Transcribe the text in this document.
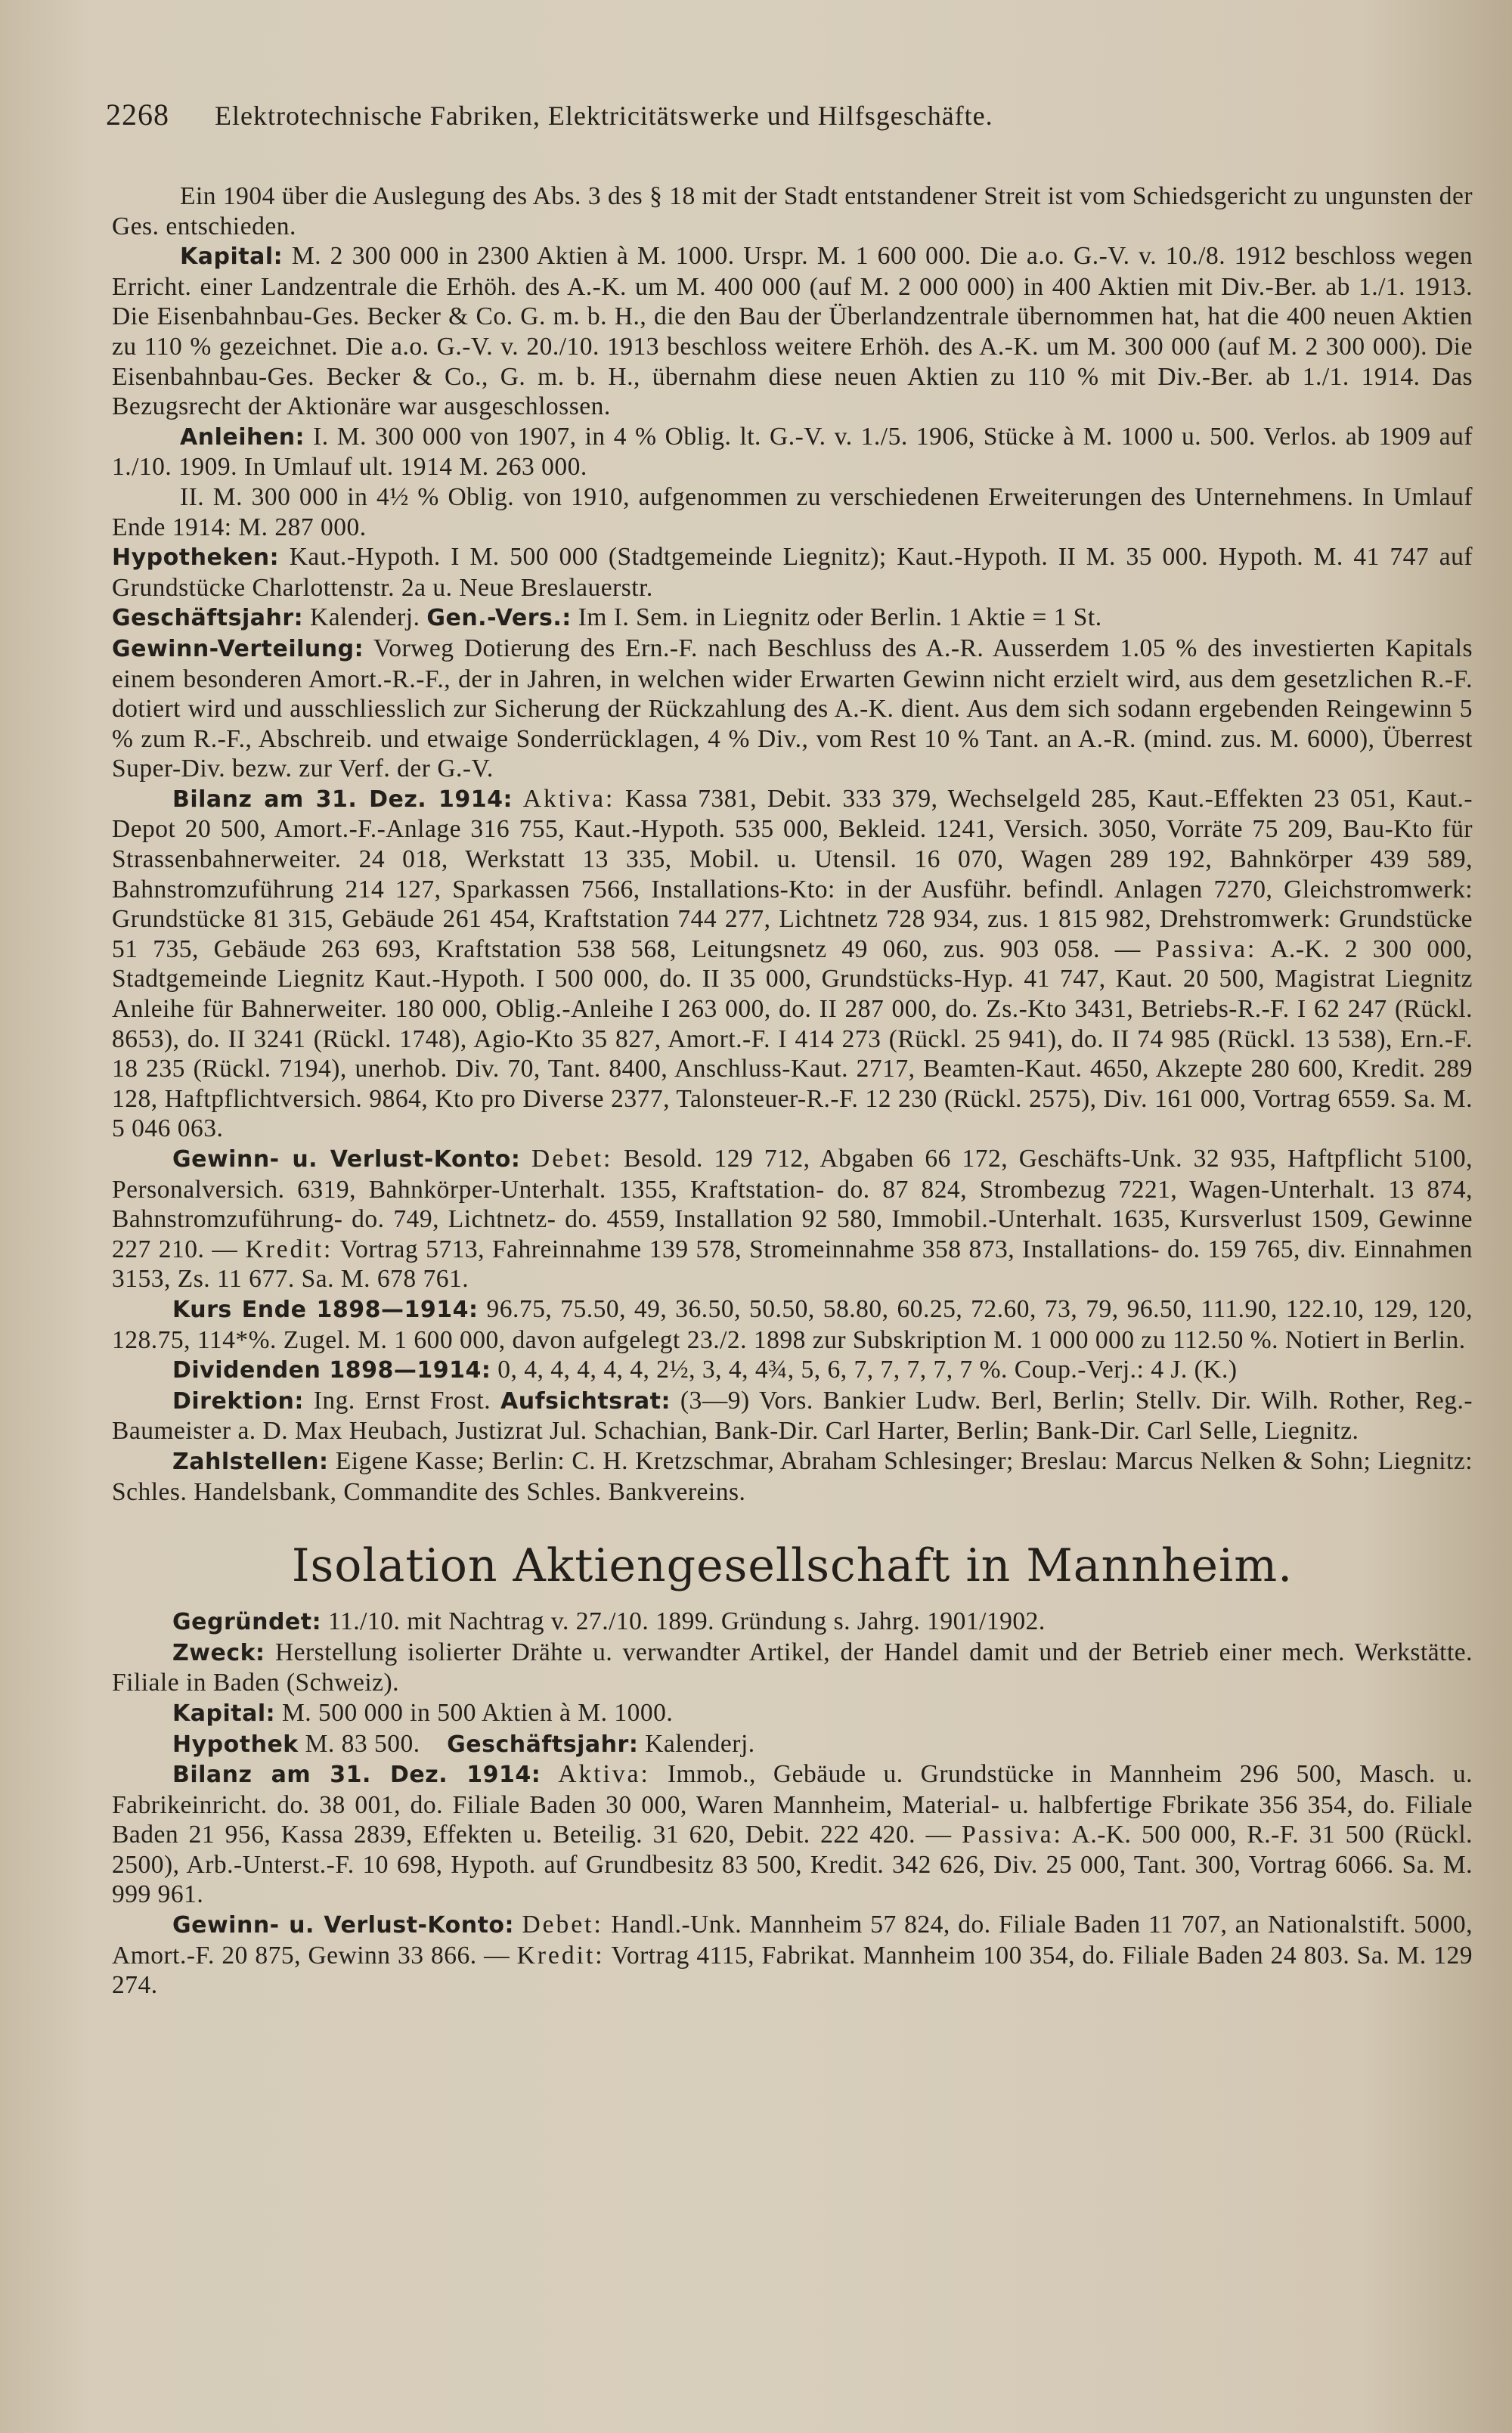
2268 Elektrotechnische Fabriken, Elektricitätswerke und Hilfsgeschäfte.

Ein 1904 über die Auslegung des Abs. 3 des § 18 mit der Stadt entstandener Streit ist vom Schiedsgericht zu ungunsten der Ges. entschieden.

Kapital: M. 2 300 000 in 2300 Aktien à M. 1000. Urspr. M. 1 600 000. Die a.o. G.-V. v. 10./8. 1912 beschloss wegen Erricht. einer Landzentrale die Erhöh. des A.-K. um M. 400 000 (auf M. 2 000 000) in 400 Aktien mit Div.-Ber. ab 1./1. 1913. Die Eisenbahnbau-Ges. Becker & Co. G. m. b. H., die den Bau der Überlandzentrale übernommen hat, hat die 400 neuen Aktien zu 110 % gezeichnet. Die a.o. G.-V. v. 20./10. 1913 beschloss weitere Erhöh. des A.-K. um M. 300 000 (auf M. 2 300 000). Die Eisenbahnbau-Ges. Becker & Co., G. m. b. H., übernahm diese neuen Aktien zu 110 % mit Div.-Ber. ab 1./1. 1914. Das Bezugsrecht der Aktionäre war ausgeschlossen.

Anleihen: I. M. 300 000 von 1907, in 4 % Oblig. lt. G.-V. v. 1./5. 1906, Stücke à M. 1000 u. 500. Verlos. ab 1909 auf 1./10. 1909. In Umlauf ult. 1914 M. 263 000.

II. M. 300 000 in 4½ % Oblig. von 1910, aufgenommen zu verschiedenen Erweiterungen des Unternehmens. In Umlauf Ende 1914: M. 287 000.

Hypotheken: Kaut.-Hypoth. I M. 500 000 (Stadtgemeinde Liegnitz); Kaut.-Hypoth. II M. 35 000. Hypoth. M. 41 747 auf Grundstücke Charlottenstr. 2a u. Neue Breslauerstr.

Geschäftsjahr: Kalenderj. Gen.-Vers.: Im I. Sem. in Liegnitz oder Berlin. 1 Aktie = 1 St.

Gewinn-Verteilung: Vorweg Dotierung des Ern.-F. nach Beschluss des A.-R. Ausserdem 1.05 % des investierten Kapitals einem besonderen Amort.-R.-F., der in Jahren, in welchen wider Erwarten Gewinn nicht erzielt wird, aus dem gesetzlichen R.-F. dotiert wird und ausschliesslich zur Sicherung der Rückzahlung des A.-K. dient. Aus dem sich sodann ergebenden Reingewinn 5 % zum R.-F., Abschreib. und etwaige Sonderrücklagen, 4 % Div., vom Rest 10 % Tant. an A.-R. (mind. zus. M. 6000), Überrest Super-Div. bezw. zur Verf. der G.-V.

Bilanz am 31. Dez. 1914: Aktiva: Kassa 7381, Debit. 333 379, Wechselgeld 285, Kaut.-Effekten 23 051, Kaut.-Depot 20 500, Amort.-F.-Anlage 316 755, Kaut.-Hypoth. 535 000, Bekleid. 1241, Versich. 3050, Vorräte 75 209, Bau-Kto für Strassenbahnerweiter. 24 018, Werkstatt 13 335, Mobil. u. Utensil. 16 070, Wagen 289 192, Bahnkörper 439 589, Bahnstromzuführung 214 127, Sparkassen 7566, Installations-Kto: in der Ausführ. befindl. Anlagen 7270, Gleichstromwerk: Grundstücke 81 315, Gebäude 261 454, Kraftstation 744 277, Lichtnetz 728 934, zus. 1 815 982, Drehstromwerk: Grundstücke 51 735, Gebäude 263 693, Kraftstation 538 568, Leitungsnetz 49 060, zus. 903 058. — Passiva: A.-K. 2 300 000, Stadtgemeinde Liegnitz Kaut.-Hypoth. I 500 000, do. II 35 000, Grundstücks-Hyp. 41 747, Kaut. 20 500, Magistrat Liegnitz Anleihe für Bahnerweiter. 180 000, Oblig.-Anleihe I 263 000, do. II 287 000, do. Zs.-Kto 3431, Betriebs-R.-F. I 62 247 (Rückl. 8653), do. II 3241 (Rückl. 1748), Agio-Kto 35 827, Amort.-F. I 414 273 (Rückl. 25 941), do. II 74 985 (Rückl. 13 538), Ern.-F. 18 235 (Rückl. 7194), unerhob. Div. 70, Tant. 8400, Anschluss-Kaut. 2717, Beamten-Kaut. 4650, Akzepte 280 600, Kredit. 289 128, Haftpflichtversich. 9864, Kto pro Diverse 2377, Talonsteuer-R.-F. 12 230 (Rückl. 2575), Div. 161 000, Vortrag 6559. Sa. M. 5 046 063.

Gewinn- u. Verlust-Konto: Debet: Besold. 129 712, Abgaben 66 172, Geschäfts-Unk. 32 935, Haftpflicht 5100, Personalversich. 6319, Bahnkörper-Unterhalt. 1355, Kraftstation- do. 87 824, Strombezug 7221, Wagen-Unterhalt. 13 874, Bahnstromzuführung- do. 749, Lichtnetz- do. 4559, Installation 92 580, Immobil.-Unterhalt. 1635, Kursverlust 1509, Gewinne 227 210. — Kredit: Vortrag 5713, Fahreinnahme 139 578, Stromeinnahme 358 873, Installations- do. 159 765, div. Einnahmen 3153, Zs. 11 677. Sa. M. 678 761.

Kurs Ende 1898—1914: 96.75, 75.50, 49, 36.50, 50.50, 58.80, 60.25, 72.60, 73, 79, 96.50, 111.90, 122.10, 129, 120, 128.75, 114*%. Zugel. M. 1 600 000, davon aufgelegt 23./2. 1898 zur Subskription M. 1 000 000 zu 112.50 %. Notiert in Berlin.

Dividenden 1898—1914: 0, 4, 4, 4, 4, 4, 2½, 3, 4, 4¾, 5, 6, 7, 7, 7, 7, 7 %. Coup.-Verj.: 4 J. (K.)

Direktion: Ing. Ernst Frost. Aufsichtsrat: (3—9) Vors. Bankier Ludw. Berl, Berlin; Stellv. Dir. Wilh. Rother, Reg.-Baumeister a. D. Max Heubach, Justizrat Jul. Schachian, Bank-Dir. Carl Harter, Berlin; Bank-Dir. Carl Selle, Liegnitz.

Zahlstellen: Eigene Kasse; Berlin: C. H. Kretzschmar, Abraham Schlesinger; Breslau: Marcus Nelken & Sohn; Liegnitz: Schles. Handelsbank, Commandite des Schles. Bankvereins.

Isolation Aktiengesellschaft in Mannheim.

Gegründet: 11./10. mit Nachtrag v. 27./10. 1899. Gründung s. Jahrg. 1901/1902.

Zweck: Herstellung isolierter Drähte u. verwandter Artikel, der Handel damit und der Betrieb einer mech. Werkstätte. Filiale in Baden (Schweiz).

Kapital: M. 500 000 in 500 Aktien à M. 1000.

Hypothek M. 83 500. Geschäftsjahr: Kalenderj.

Bilanz am 31. Dez. 1914: Aktiva: Immob., Gebäude u. Grundstücke in Mannheim 296 500, Masch. u. Fabrikeinricht. do. 38 001, do. Filiale Baden 30 000, Waren Mannheim, Material- u. halbfertige Fbrikate 356 354, do. Filiale Baden 21 956, Kassa 2839, Effekten u. Beteilig. 31 620, Debit. 222 420. — Passiva: A.-K. 500 000, R.-F. 31 500 (Rückl. 2500), Arb.-Unterst.-F. 10 698, Hypoth. auf Grundbesitz 83 500, Kredit. 342 626, Div. 25 000, Tant. 300, Vortrag 6066. Sa. M. 999 961.

Gewinn- u. Verlust-Konto: Debet: Handl.-Unk. Mannheim 57 824, do. Filiale Baden 11 707, an Nationalstift. 5000, Amort.-F. 20 875, Gewinn 33 866. — Kredit: Vortrag 4115, Fabrikat. Mannheim 100 354, do. Filiale Baden 24 803. Sa. M. 129 274.
